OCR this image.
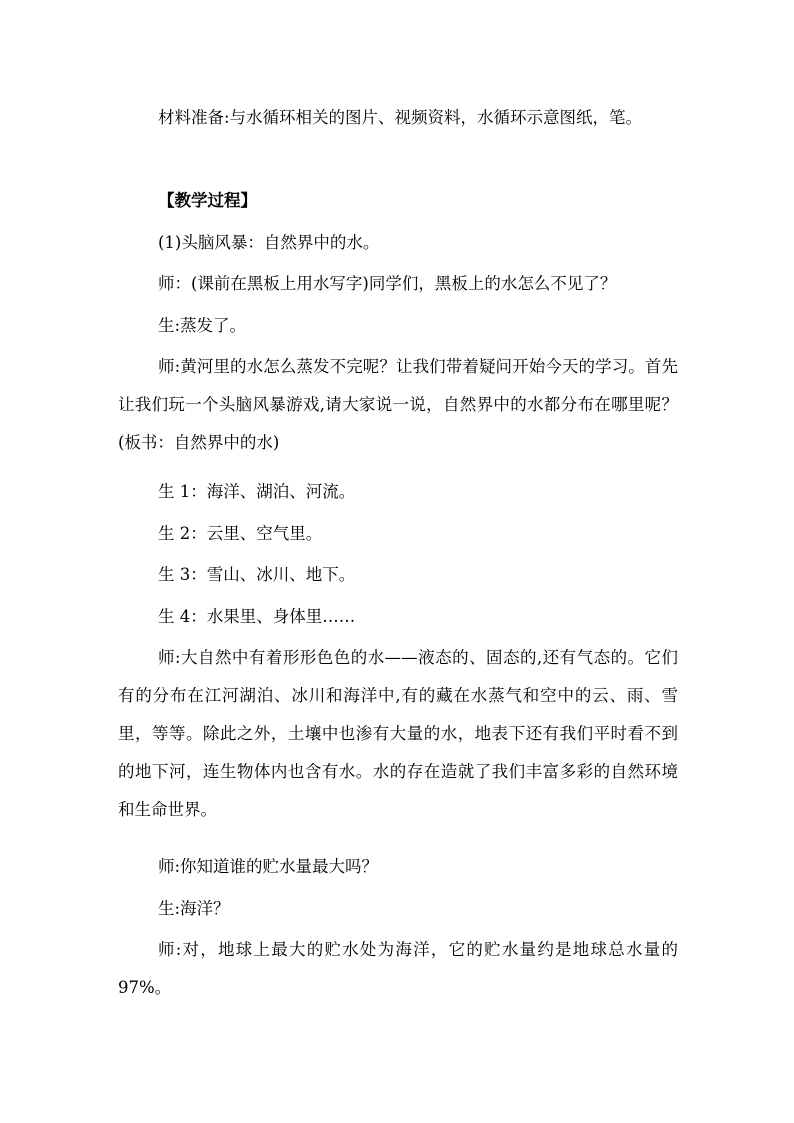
材料准备:与水循环相关的图片、视频资料，水循环示意图纸，笔。

【教学过程】

(1)头脑风暴：自然界中的水。

师：(课前在黑板上用水写字)同学们，黑板上的水怎么不见了？

生:蒸发了。

师:黄河里的水怎么蒸发不完呢？让我们带着疑问开始今天的学习。首先让我们玩一个头脑风暴游戏,请大家说一说，自然界中的水都分布在哪里呢？(板书：自然界中的水)

生 1：海洋、湖泊、河流。

生 2：云里、空气里。

生 3：雪山、冰川、地下。

生 4：水果里、身体里……

师:大自然中有着形形色色的水——液态的、固态的,还有气态的。它们有的分布在江河湖泊、冰川和海洋中,有的藏在水蒸气和空中的云、雨、雪里，等等。除此之外，土壤中也渗有大量的水，地表下还有我们平时看不到的地下河，连生物体内也含有水。水的存在造就了我们丰富多彩的自然环境和生命世界。

师:你知道谁的贮水量最大吗？

生:海洋？

师:对，地球上最大的贮水处为海洋，它的贮水量约是地球总水量的97%。
